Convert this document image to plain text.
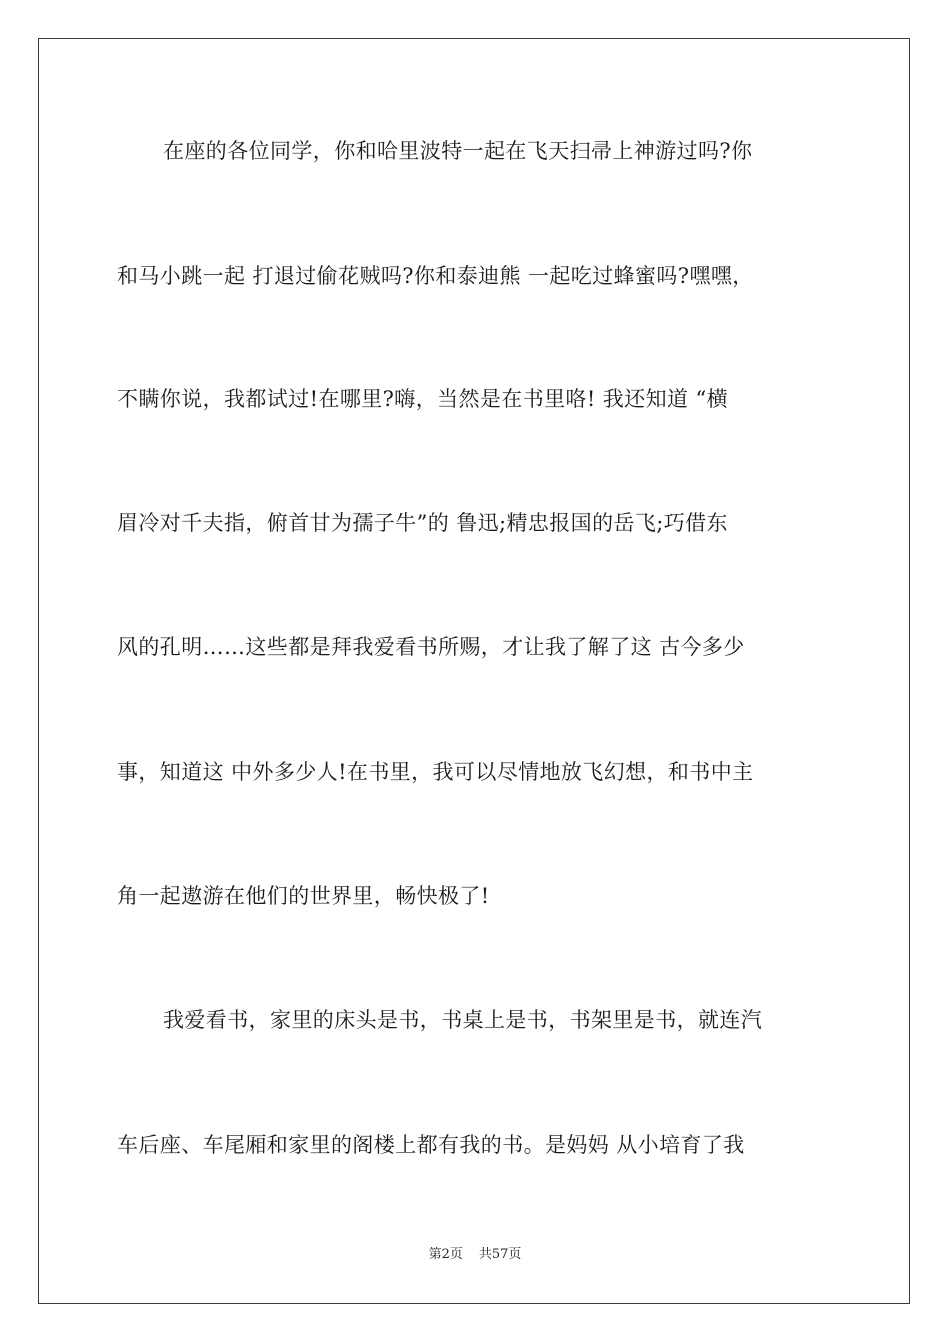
在座的各位同学，你和哈里波特一起在飞天扫帚上神游过吗?你
和马小跳一起 打退过偷花贼吗?你和泰迪熊 一起吃过蜂蜜吗?嘿嘿，
不瞒你说，我都试过!在哪里?嗨，当然是在书里咯! 我还知道 “横
眉冷对千夫指，俯首甘为孺子牛”的 鲁迅;精忠报国的岳飞;巧借东
风的孔明……这些都是拜我爱看书所赐，才让我了解了这 古今多少
事，知道这 中外多少人!在书里，我可以尽情地放飞幻想，和书中主
角一起遨游在他们的世界里，畅快极了!
我爱看书，家里的床头是书，书桌上是书，书架里是书，就连汽
车后座、车尾厢和家里的阁楼上都有我的书。是妈妈 从小培育了我
第2页 共57页
